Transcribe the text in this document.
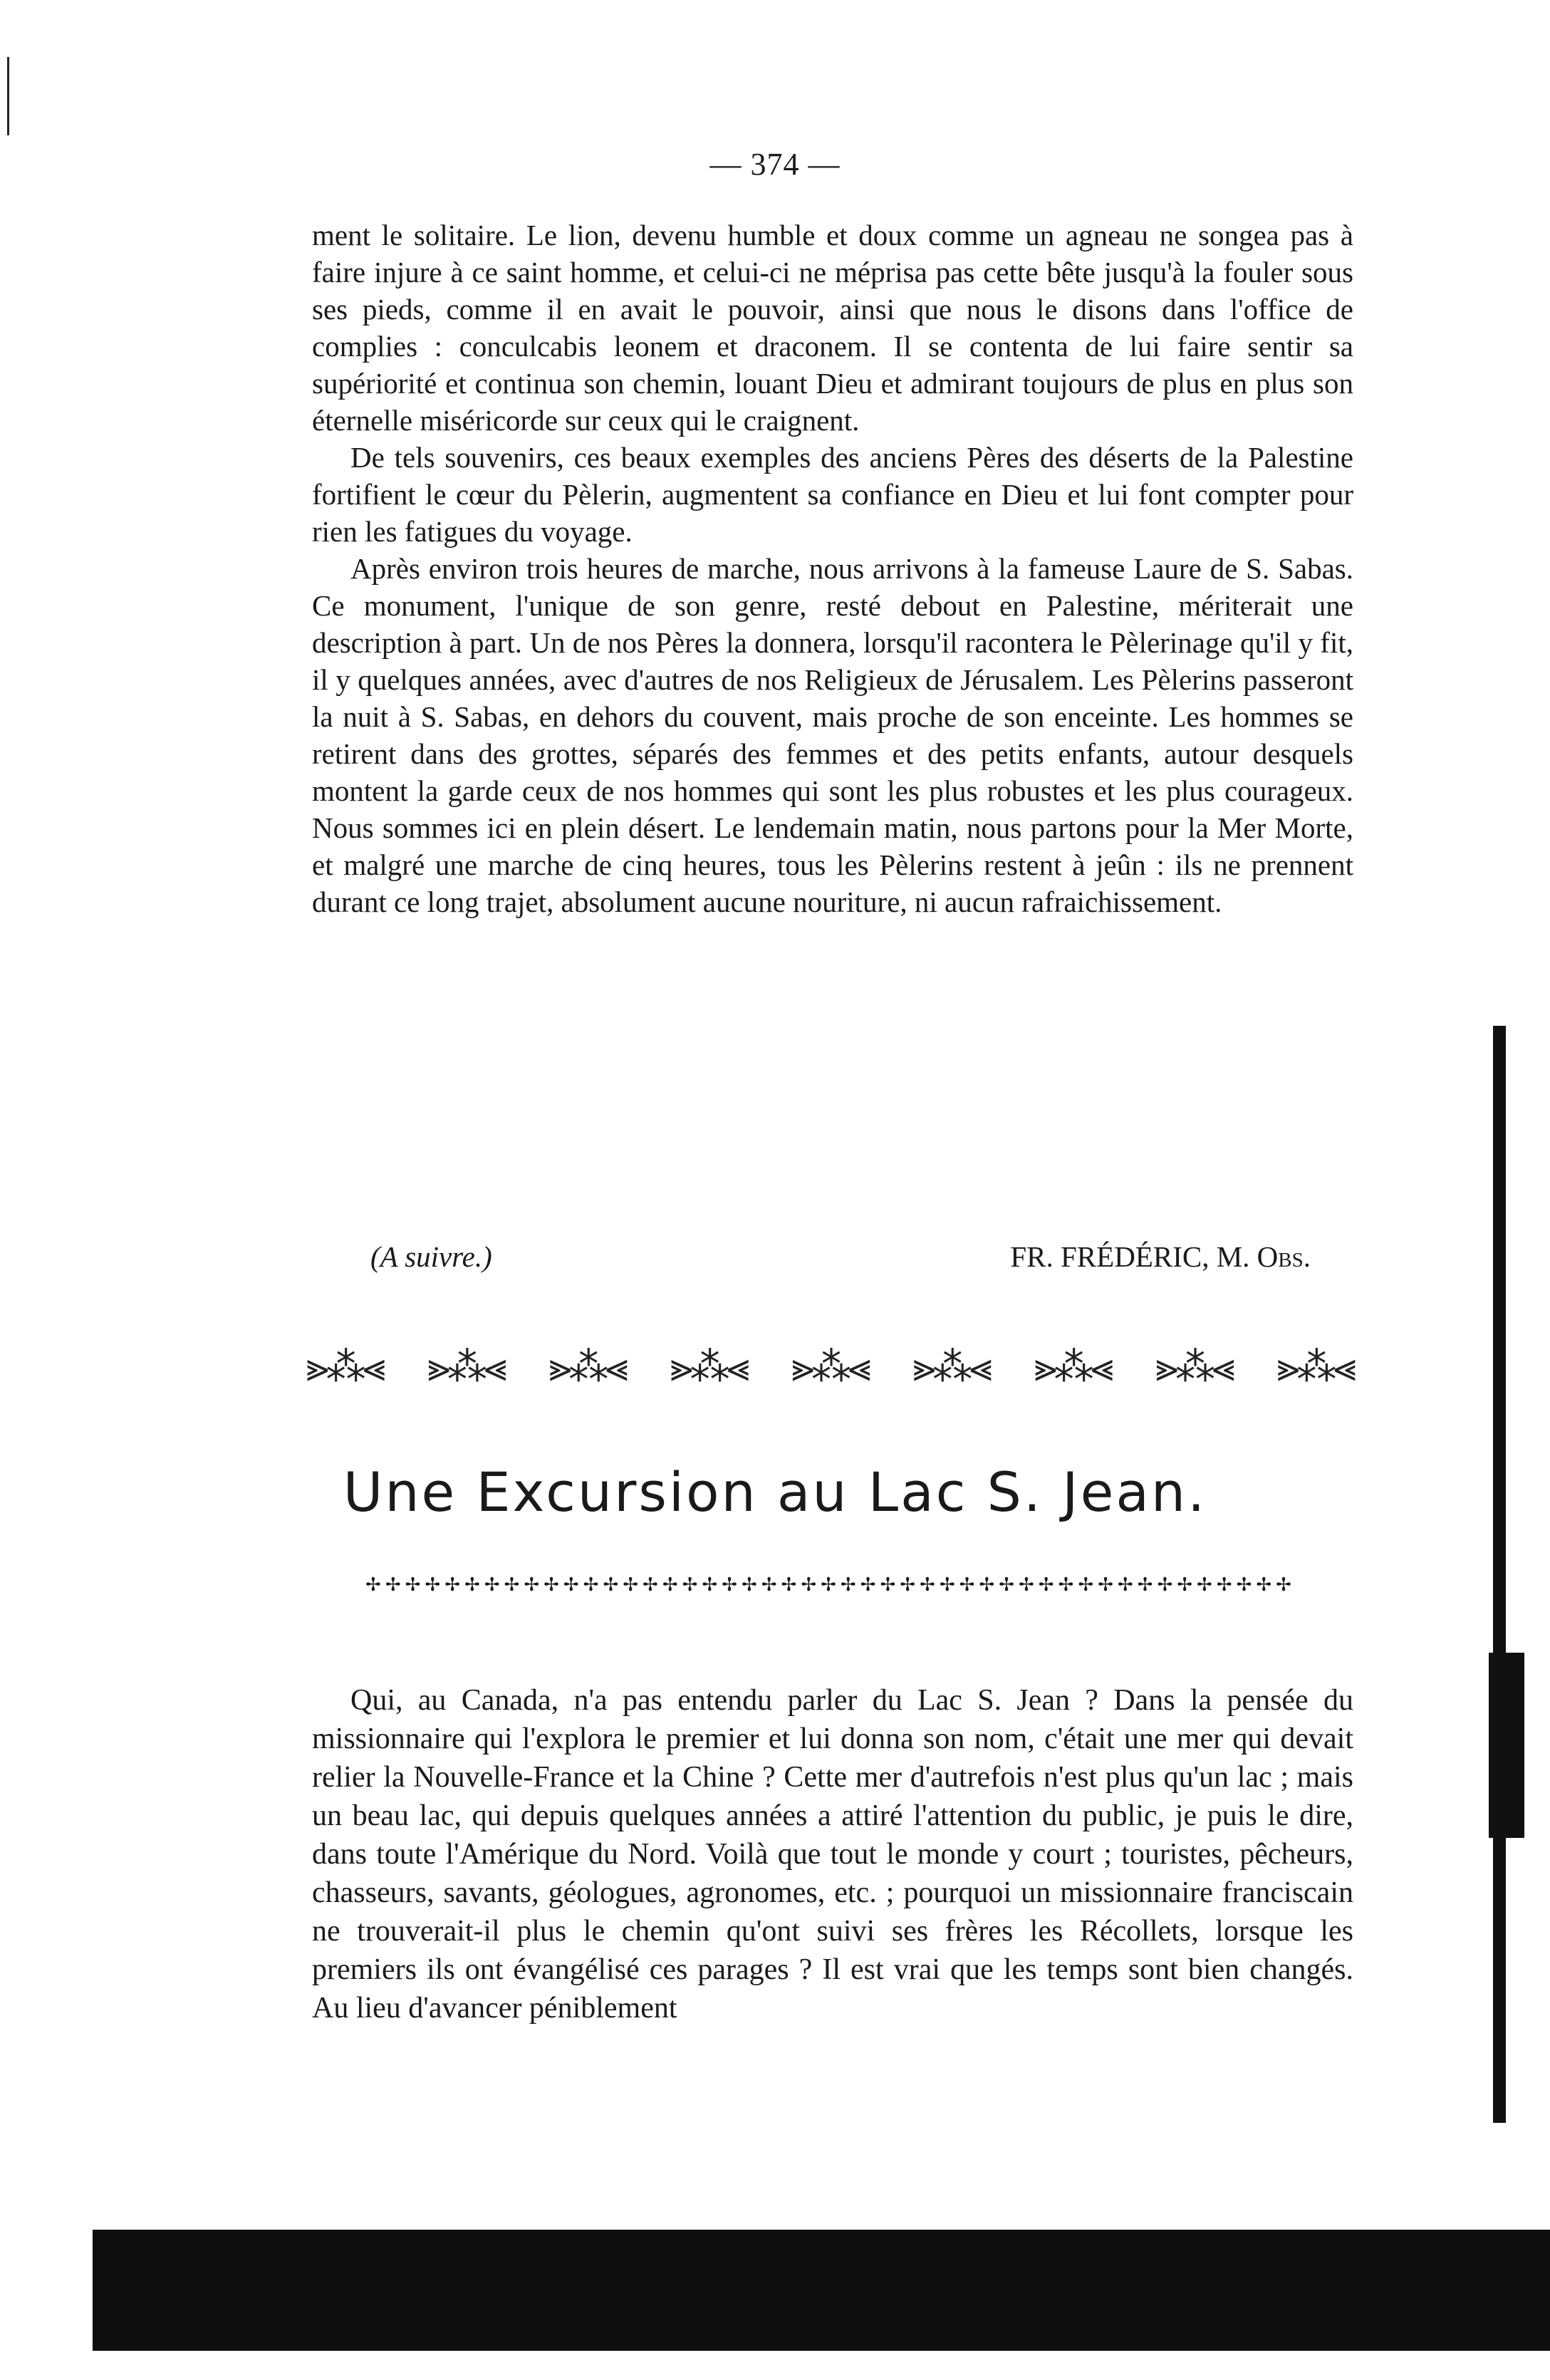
— 374 —

ment le solitaire. Le lion, devenu humble et doux comme un agneau ne songea pas à faire injure à ce saint homme, et celui-ci ne méprisa pas cette bête jusqu'à la fouler sous ses pieds, comme il en avait le pouvoir, ainsi que nous le disons dans l'office de complies : conculcabis leonem et draconem. Il se contenta de lui faire sentir sa supériorité et continua son chemin, louant Dieu et admirant toujours de plus en plus son éternelle miséricorde sur ceux qui le craignent.

De tels souvenirs, ces beaux exemples des anciens Pères des déserts de la Palestine fortifient le cœur du Pèlerin, augmentent sa confiance en Dieu et lui font compter pour rien les fatigues du voyage.

Après environ trois heures de marche, nous arrivons à la fameuse Laure de S. Sabas. Ce monument, l'unique de son genre, resté debout en Palestine, mériterait une description à part. Un de nos Pères la donnera, lorsqu'il racontera le Pèlerinage qu'il y fit, il y quelques années, avec d'autres de nos Religieux de Jérusalem. Les Pèlerins passeront la nuit à S. Sabas, en dehors du couvent, mais proche de son enceinte. Les hommes se retirent dans des grottes, séparés des femmes et des petits enfants, autour desquels montent la garde ceux de nos hommes qui sont les plus robustes et les plus courageux. Nous sommes ici en plein désert. Le lendemain matin, nous partons pour la Mer Morte, et malgré une marche de cinq heures, tous les Pèlerins restent à jeûn : ils ne prennent durant ce long trajet, absolument aucune nouriture, ni aucun rafraichissement.

(A suivre.)	FR. FRÉDÉRIC, M. Obs.
⪢⁂⪡ ⪢⁂⪡ ⪢⁂⪡ ⪢⁂⪡ ⪢⁂⪡ ⪢⁂⪡ ⪢⁂⪡ ⪢⁂⪡ ⪢⁂⪡
Une Excursion au Lac S. Jean.
✢✢✢✢✢✢✢✢✢✢✢✢✢✢✢✢✢✢✢✢✢✢✢✢✢✢✢✢✢✢✢✢✢✢✢✢✢✢✢✢✢✢✢✢✢✢✢

Qui, au Canada, n'a pas entendu parler du Lac S. Jean ? Dans la pensée du missionnaire qui l'explora le premier et lui donna son nom, c'était une mer qui devait relier la Nouvelle-France et la Chine ? Cette mer d'autrefois n'est plus qu'un lac ; mais un beau lac, qui depuis quelques années a attiré l'attention du public, je puis le dire, dans toute l'Amérique du Nord. Voilà que tout le monde y court ; touristes, pêcheurs, chasseurs, savants, géologues, agronomes, etc. ; pourquoi un missionnaire franciscain ne trouverait-il plus le chemin qu'ont suivi ses frères les Récollets, lorsque les premiers ils ont évangélisé ces parages ? Il est vrai que les temps sont bien changés. Au lieu d'avancer péniblement
